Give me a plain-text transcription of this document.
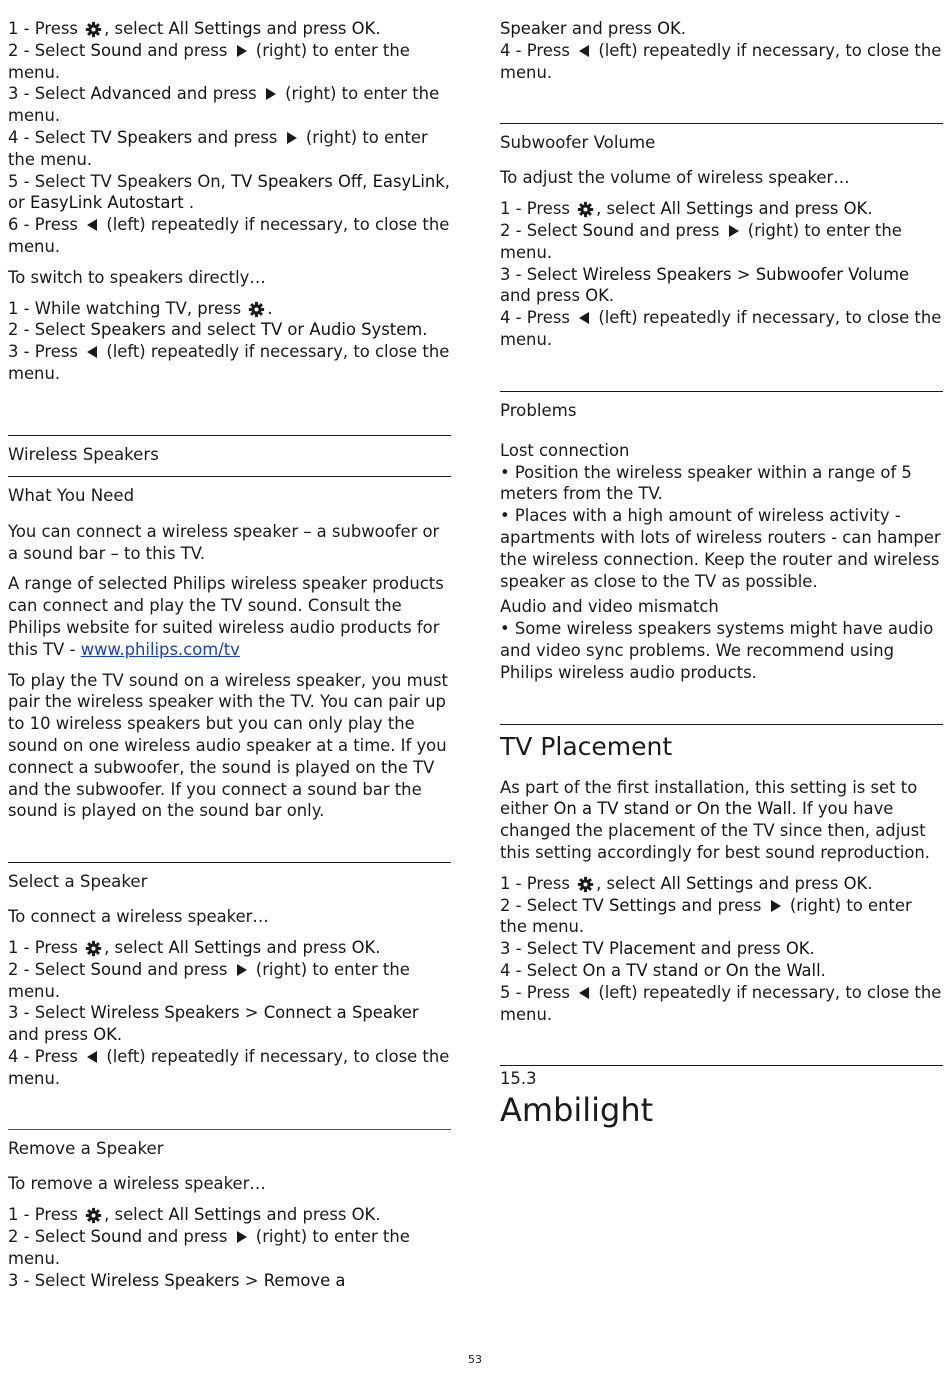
1 - Press , select All Settings and press OK.

2 - Select Sound and press  (right) to enter the menu.

3 - Select Advanced and press  (right) to enter the menu.

4 - Select TV Speakers and press  (right) to enter the menu.

5 - Select TV Speakers On, TV Speakers Off, EasyLink, or EasyLink Autostart .

6 - Press  (left) repeatedly if necessary, to close the menu.

To switch to speakers directly…

1 - While watching TV, press .

2 - Select Speakers and select TV or Audio System.

3 - Press  (left) repeatedly if necessary, to close the menu.

Wireless Speakers

What You Need

You can connect a wireless speaker – a subwoofer or a sound bar – to this TV.

A range of selected Philips wireless speaker products can connect and play the TV sound. Consult the Philips website for suited wireless audio products for this TV - www.philips.com/tv

To play the TV sound on a wireless speaker, you must pair the wireless speaker with the TV. You can pair up to 10 wireless speakers but you can only play the sound on one wireless audio speaker at a time. If you connect a subwoofer, the sound is played on the TV and the subwoofer. If you connect a sound bar the sound is played on the sound bar only.

Select a Speaker

To connect a wireless speaker…

1 - Press , select All Settings and press OK.

2 - Select Sound and press  (right) to enter the menu.

3 - Select Wireless Speakers > Connect a Speaker and press OK.

4 - Press  (left) repeatedly if necessary, to close the menu.

Remove a Speaker

To remove a wireless speaker…

1 - Press , select All Settings and press OK.

2 - Select Sound and press  (right) to enter the menu.

3 - Select Wireless Speakers > Remove a

Speaker and press OK.

4 - Press  (left) repeatedly if necessary, to close the menu.

Subwoofer Volume

To adjust the volume of wireless speaker…

1 - Press , select All Settings and press OK.

2 - Select Sound and press  (right) to enter the menu.

3 - Select Wireless Speakers > Subwoofer Volume and press OK.

4 - Press  (left) repeatedly if necessary, to close the menu.

Problems

Lost connection

• Position the wireless speaker within a range of 5 meters from the TV.

• Places with a high amount of wireless activity - apartments with lots of wireless routers - can hamper the wireless connection. Keep the router and wireless speaker as close to the TV as possible.

Audio and video mismatch

• Some wireless speakers systems might have audio and video sync problems. We recommend using Philips wireless audio products.

TV Placement

As part of the first installation, this setting is set to either On a TV stand or On the Wall. If you have changed the placement of the TV since then, adjust this setting accordingly for best sound reproduction.

1 - Press , select All Settings and press OK.

2 - Select TV Settings and press  (right) to enter the menu.

3 - Select TV Placement and press OK.

4 - Select On a TV stand or On the Wall.

5 - Press  (left) repeatedly if necessary, to close the menu.

15.3

Ambilight

53
